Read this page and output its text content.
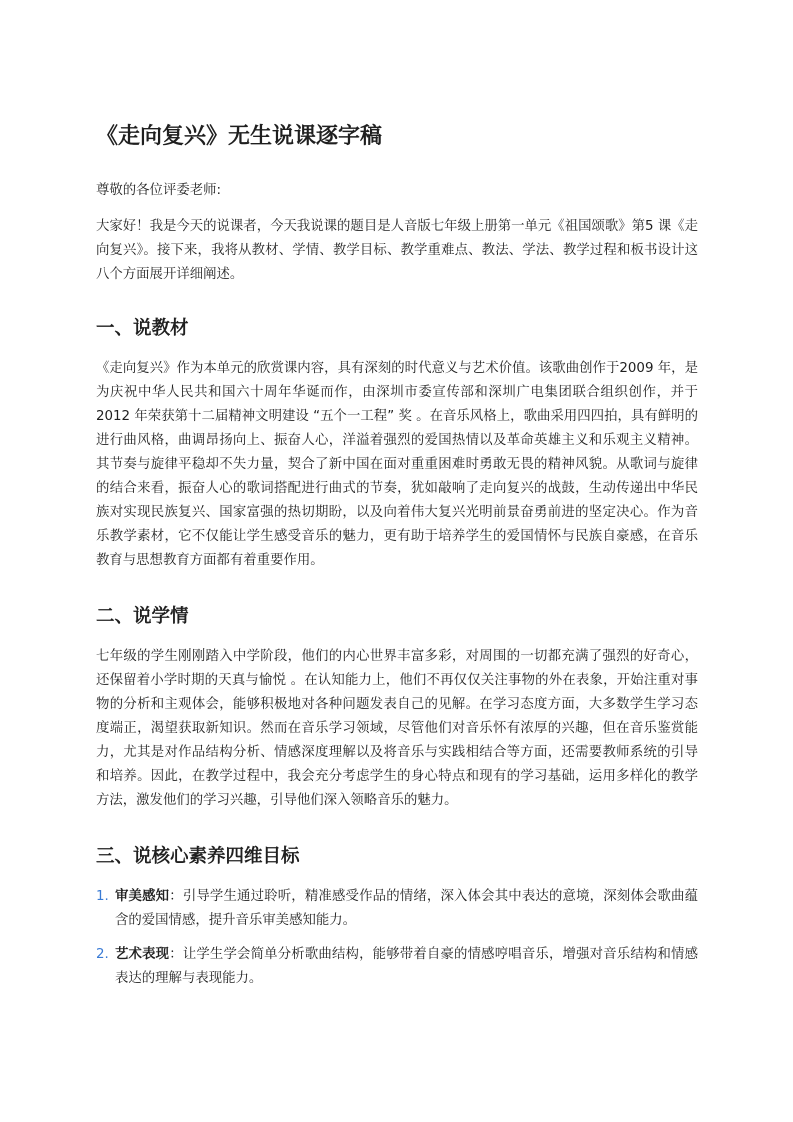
《走向复兴》无生说课逐字稿

尊敬的各位评委老师:

大家好！我是今天的说课者，今天我说课的题目是人音版七年级上册第一单元《祖国颂歌》第5 课《走向复兴》。接下来，我将从教材、学情、教学目标、教学重难点、教法、学法、教学过程和板书设计这八个方面展开详细阐述。

一、说教材

《走向复兴》作为本单元的欣赏课内容，具有深刻的时代意义与艺术价值。该歌曲创作于2009 年，是为庆祝中华人民共和国六十周年华诞而作，由深圳市委宣传部和深圳广电集团联合组织创作，并于2012 年荣获第十二届精神文明建设 “五个一工程” 奖 。在音乐风格上，歌曲采用四四拍，具有鲜明的进行曲风格，曲调昂扬向上、振奋人心，洋溢着强烈的爱国热情以及革命英雄主义和乐观主义精神。其节奏与旋律平稳却不失力量，契合了新中国在面对重重困难时勇敢无畏的精神风貌。从歌词与旋律的结合来看，振奋人心的歌词搭配进行曲式的节奏，犹如敲响了走向复兴的战鼓，生动传递出中华民族对实现民族复兴、国家富强的热切期盼，以及向着伟大复兴光明前景奋勇前进的坚定决心。作为音乐教学素材，它不仅能让学生感受音乐的魅力，更有助于培养学生的爱国情怀与民族自豪感，在音乐教育与思想教育方面都有着重要作用。

二、说学情

七年级的学生刚刚踏入中学阶段，他们的内心世界丰富多彩，对周围的一切都充满了强烈的好奇心，还保留着小学时期的天真与愉悦 。在认知能力上，他们不再仅仅关注事物的外在表象，开始注重对事物的分析和主观体会，能够积极地对各种问题发表自己的见解。在学习态度方面，大多数学生学习态度端正，渴望获取新知识。然而在音乐学习领域，尽管他们对音乐怀有浓厚的兴趣，但在音乐鉴赏能力，尤其是对作品结构分析、情感深度理解以及将音乐与实践相结合等方面，还需要教师系统的引导和培养。因此，在教学过程中，我会充分考虑学生的身心特点和现有的学习基础，运用多样化的教学方法，激发他们的学习兴趣，引导他们深入领略音乐的魅力。

三、说核心素养四维目标
1. 审美感知：引导学生通过聆听，精准感受作品的情绪，深入体会其中表达的意境，深刻体会歌曲蕴含的爱国情感，提升音乐审美感知能力。
2. 艺术表现：让学生学会简单分析歌曲结构，能够带着自豪的情感哼唱音乐，增强对音乐结构和情感表达的理解与表现能力。
